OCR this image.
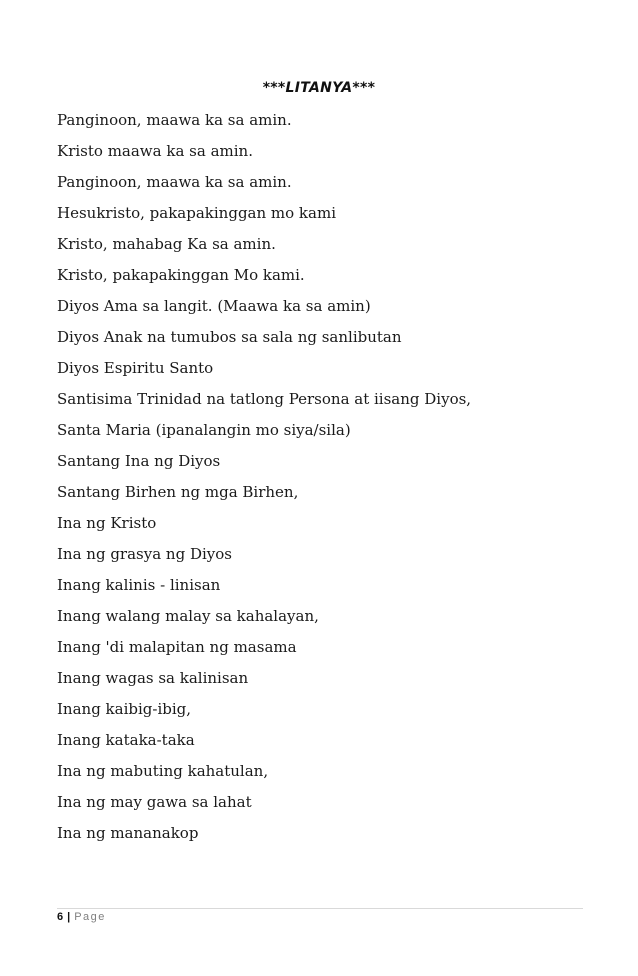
***LITANYA***
Panginoon, maawa ka sa amin.
Kristo maawa ka sa amin.
Panginoon, maawa ka sa amin.
Hesukristo, pakapakinggan mo kami
Kristo, mahabag Ka sa amin.
Kristo, pakapakinggan Mo kami.
Diyos Ama sa langit. (Maawa ka sa amin)
Diyos Anak na tumubos sa sala ng sanlibutan
Diyos Espiritu Santo
Santisima Trinidad na tatlong Persona at iisang Diyos,
Santa Maria (ipanalangin mo siya/sila)
Santang Ina ng Diyos
Santang Birhen ng mga Birhen,
Ina ng Kristo
Ina ng grasya ng Diyos
Inang kalinis - linisan
Inang walang malay sa kahalayan,
Inang 'di malapitan ng masama
Inang wagas sa kalinisan
Inang kaibig-ibig,
Inang kataka-taka
Ina ng mabuting kahatulan,
Ina ng may gawa sa lahat
Ina ng mananakop
6 | Page
